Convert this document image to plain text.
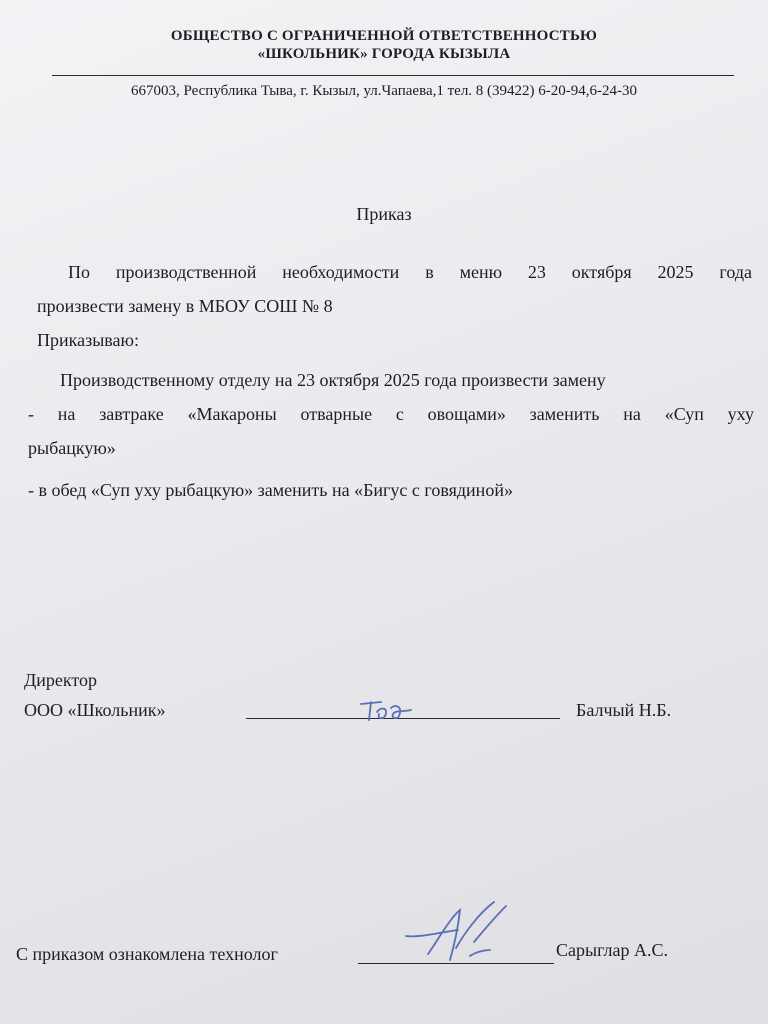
ОБЩЕСТВО С ОГРАНИЧЕННОЙ ОТВЕТСТВЕННОСТЬЮ
«ШКОЛЬНИК» ГОРОДА КЫЗЫЛА
667003, Республика Тыва, г. Кызыл, ул.Чапаева,1 тел. 8 (39422) 6-20-94,6-24-30
Приказ
По производственной необходимости в меню 23 октября 2025 года
произвести замену в МБОУ СОШ № 8
Приказываю:
Производственному отделу на 23 октября 2025 года произвести замену
- на завтраке «Макароны отварные с овощами» заменить на «Суп уху
рыбацкую»
- в обед «Суп уху рыбацкую» заменить на «Бигус с говядиной»
Директор
ООО «Школьник»	Балчый Н.Б.
С приказом ознакомлена технолог	Сарыглар А.С.
